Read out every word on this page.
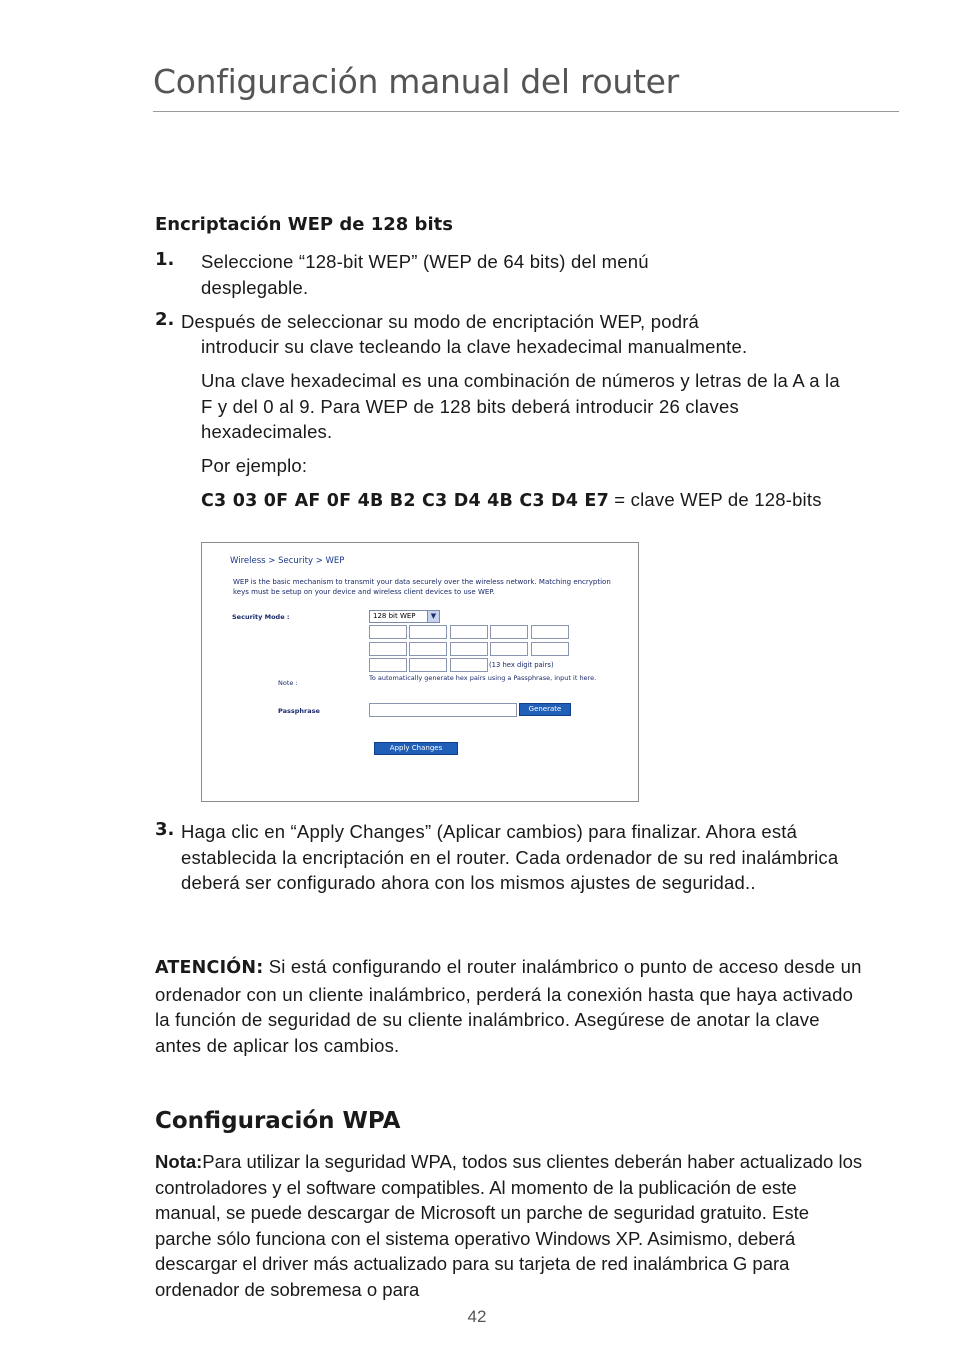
Configuración manual del router
Encriptación WEP de 128 bits
1. Seleccione “128-bit WEP” (WEP de 64 bits) del menú desplegable.
2. Después de seleccionar su modo de encriptación WEP, podrá
introducir su clave tecleando la clave hexadecimal manualmente.
Una clave hexadecimal es una combinación de números y letras de la A a la F y del 0 al 9. Para WEP de 128 bits deberá introducir 26 claves hexadecimales.
Por ejemplo:
C3 03 0F AF 0F 4B B2 C3 D4 4B C3 D4 E7 = clave WEP de 128-bits
Wireless > Security > WEP
WEP is the basic mechanism to transmit your data securely over the wireless network. Matching encryption keys must be setup on your device and wireless client devices to use WEP.
Security Mode :	128 bit WEP	▼
(13 hex digit pairs)
Note :
To automatically generate hex pairs using a Passphrase, input it here.
Passphrase	Generate
Apply Changes
3. Haga clic en “Apply Changes” (Aplicar cambios) para finalizar. Ahora está establecida la encriptación en el router. Cada ordenador de su red inalámbrica deberá ser configurado ahora con los mismos ajustes de seguridad..
ATENCIÓN: Si está configurando el router inalámbrico o punto de acceso desde un ordenador con un cliente inalámbrico, perderá la conexión hasta que haya activado la función de seguridad de su cliente inalámbrico. Asegúrese de anotar la clave antes de aplicar los cambios.
Configuración WPA
Nota:Para utilizar la seguridad WPA, todos sus clientes deberán haber actualizado los controladores y el software compatibles. Al momento de la publicación de este manual, se puede descargar de Microsoft un parche de seguridad gratuito. Este parche sólo funciona con el sistema operativo Windows XP. Asimismo, deberá descargar el driver más actualizado para su tarjeta de red inalámbrica G para ordenador de sobremesa o para
42
